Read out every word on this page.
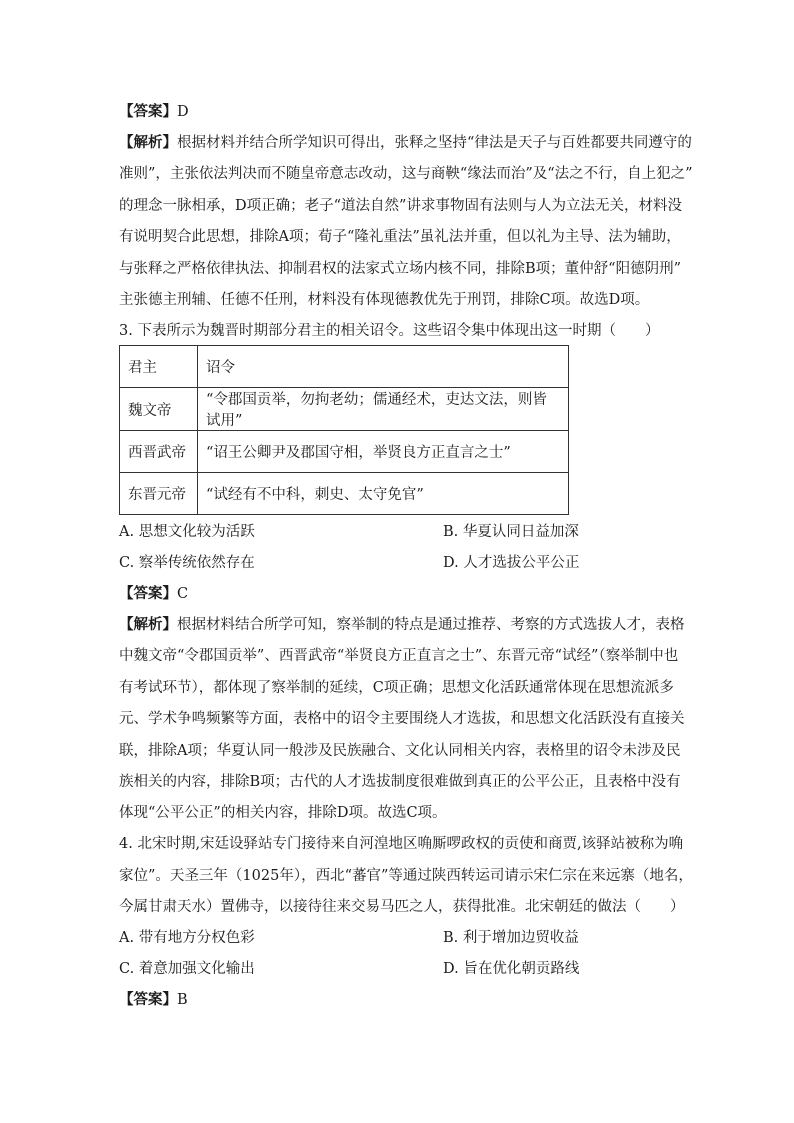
【答案】D
【解析】根据材料并结合所学知识可得出，张释之坚持“律法是天子与百姓都要共同遵守的
准则”，主张依法判决而不随皇帝意志改动，这与商鞅“缘法而治”及“法之不行，自上犯之”
的理念一脉相承，D项正确；老子“道法自然”讲求事物固有法则与人为立法无关，材料没
有说明契合此思想，排除A项；荀子“隆礼重法”虽礼法并重，但以礼为主导、法为辅助，
与张释之严格依律执法、抑制君权的法家式立场内核不同，排除B项；董仲舒“阳德阴刑”
主张德主刑辅、任德不任刑，材料没有体现德教优先于刑罚，排除C项。故选D项。
3. 下表所示为魏晋时期部分君主的相关诏令。这些诏令集中体现出这一时期（　　）
君主	诏令
魏文帝	“令郡国贡举，勿拘老幼；儒通经术，吏达文法，则皆试用”
西晋武帝	“诏王公卿尹及郡国守相，举贤良方正直言之士”
东晋元帝	“试经有不中科，刺史、太守免官”
A. 思想文化较为活跃	B. 华夏认同日益加深
C. 察举传统依然存在	D. 人才选拔公平公正
【答案】C
【解析】根据材料结合所学可知，察举制的特点是通过推荐、考察的方式选拔人才，表格
中魏文帝“令郡国贡举”、西晋武帝“举贤良方正直言之士”、东晋元帝“试经”（察举制中也
有考试环节），都体现了察举制的延续，C项正确；思想文化活跃通常体现在思想流派多
元、学术争鸣频繁等方面，表格中的诏令主要围绕人才选拔，和思想文化活跃没有直接关
联，排除A项；华夏认同一般涉及民族融合、文化认同相关内容，表格里的诏令未涉及民
族相关的内容，排除B项；古代的人才选拔制度很难做到真正的公平公正，且表格中没有
体现“公平公正”的相关内容，排除D项。故选C项。
4. 北宋时期,宋廷设驿站专门接待来自河湟地区唃厮啰政权的贡使和商贾,该驿站被称为唃
家位”。天圣三年（1025年），西北“蕃官”等通过陕西转运司请示宋仁宗在来远寨（地名，
今属甘肃天水）置佛寺，以接待往来交易马匹之人，获得批准。北宋朝廷的做法（　　）
A. 带有地方分权色彩	B. 利于增加边贸收益
C. 着意加强文化输出	D. 旨在优化朝贡路线
【答案】B
